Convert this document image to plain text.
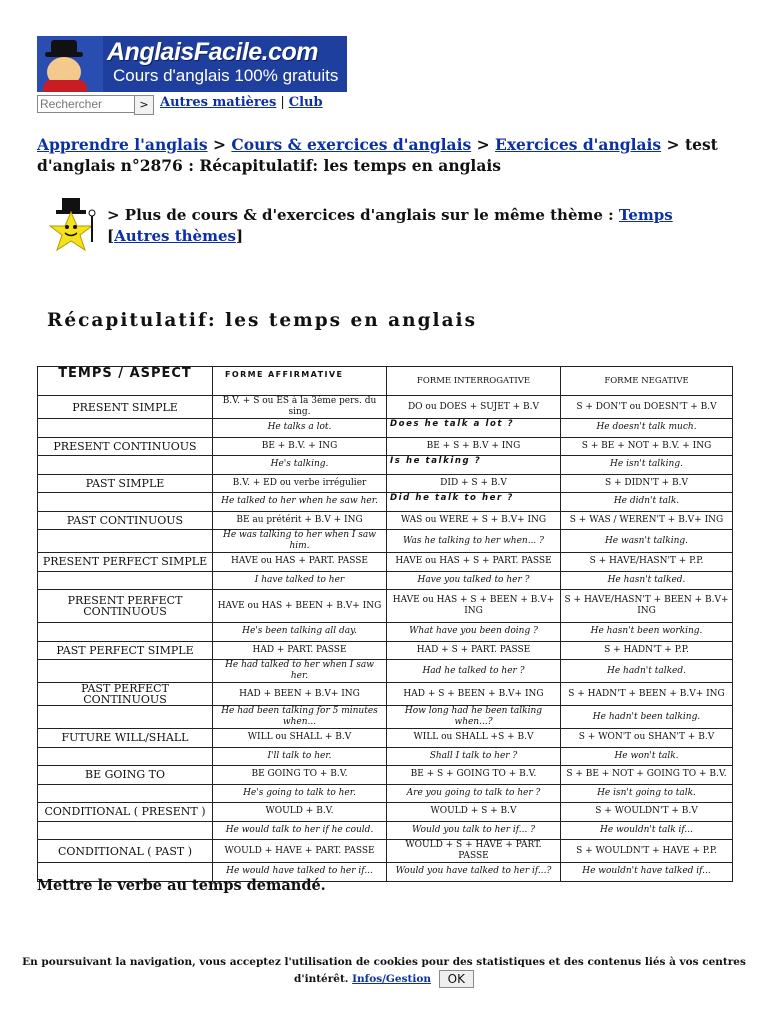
AnglaisFacile.com
Cours d'anglais 100% gratuits
Rechercher
> Autres matières | Club
Apprendre l'anglais > Cours & exercices d'anglais > Exercices d'anglais > test d'anglais n°2876 : Récapitulatif: les temps en anglais
> Plus de cours & d'exercices d'anglais sur le même thème : Temps [Autres thèmes]
Récapitulatif: les temps en anglais
TEMPS / ASPECT	FORME AFFIRMATIVE	FORME INTERROGATIVE	FORME NEGATIVE
PRESENT SIMPLE	B.V. + S ou ES à la 3ème pers. du sing.	DO ou DOES + SUJET + B.V	S + DON'T ou DOESN'T + B.V
	He talks a lot.	Does he talk a lot ?	He doesn't talk much.
PRESENT CONTINUOUS	BE + B.V. + ING	BE + S + B.V + ING	S + BE + NOT + B.V. + ING
	He's talking.	Is he talking ?	He isn't talking.
PAST SIMPLE	B.V. + ED ou verbe irrégulier	DID + S + B.V	S + DIDN'T + B.V
	He talked to her when he saw her.	Did he talk to her ?	He didn't talk.
PAST CONTINUOUS	BE au prétérit + B.V + ING	WAS ou WERE + S + B.V+ ING	S + WAS / WEREN'T + B.V+ ING
	He was talking to her when I saw him.	Was he talking to her when... ?	He wasn't talking.
PRESENT PERFECT SIMPLE	HAVE ou HAS + PART. PASSE	HAVE ou HAS + S + PART. PASSE	S + HAVE/HASN'T + P.P.
	I have talked to her	Have you talked to her ?	He hasn't talked.
PRESENT PERFECT CONTINUOUS	HAVE ou HAS + BEEN + B.V+ ING	HAVE ou HAS + S + BEEN + B.V+ ING	S + HAVE/HASN'T + BEEN + B.V+ ING
	He's been talking all day.	What have you been doing ?	He hasn't been working.
PAST PERFECT SIMPLE	HAD + PART. PASSE	HAD + S + PART. PASSE	S + HADN'T + P.P.
	He had talked to her when I saw her.	Had he talked to her ?	He hadn't talked.
PAST PERFECT CONTINUOUS	HAD + BEEN + B.V+ ING	HAD + S + BEEN + B.V+ ING	S + HADN'T + BEEN + B.V+ ING
	He had been talking for 5 minutes when...	How long had he been talking when...?	He hadn't been talking.
FUTURE WILL/SHALL	WILL ou SHALL + B.V	WILL ou SHALL +S + B.V	S + WON'T ou SHAN'T + B.V
	I'll talk to her.	Shall I talk to her ?	He won't talk.
BE GOING TO	BE GOING TO + B.V.	BE + S + GOING TO + B.V.	S + BE + NOT + GOING TO + B.V.
	He's going to talk to her.	Are you going to talk to her ?	He isn't going to talk.
CONDITIONAL ( PRESENT )	WOULD + B.V.	WOULD + S + B.V	S + WOULDN'T + B.V
	He would talk to her if he could.	Would you talk to her if... ?	He wouldn't talk if...
CONDITIONAL ( PAST )	WOULD + HAVE + PART. PASSE	WOULD + S + HAVE + PART. PASSE	S + WOULDN'T + HAVE + P.P.
	He would have talked to her if...	Would you have talked to her if...?	He wouldn't have talked if...
Mettre le verbe au temps demandé.
En poursuivant la navigation, vous acceptez l'utilisation de cookies pour des statistiques et des contenus liés à vos centres
d'intérêt. Infos/Gestion OK
